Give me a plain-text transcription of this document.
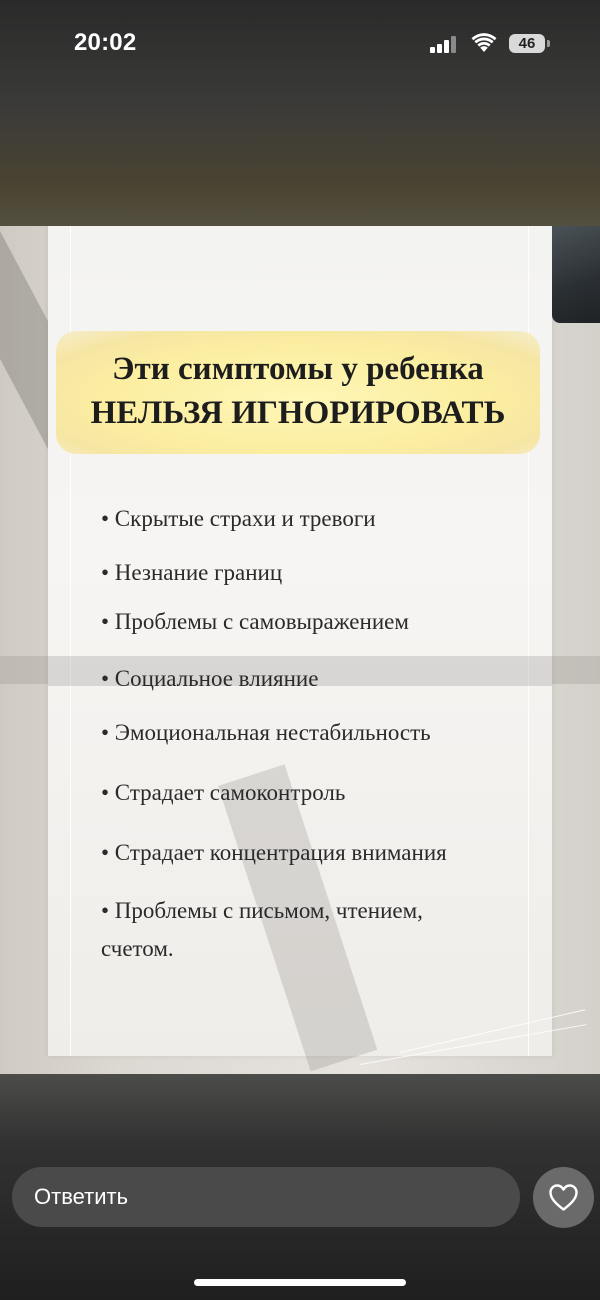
20:02	46
Эти симптомы у ребенка
НЕЛЬЗЯ ИГНОРИРОВАТЬ
• Скрытые страхи и тревоги
• Незнание границ
• Проблемы с самовыражением
• Социальное влияние
• Эмоциональная нестабильность
• Страдает самоконтроль
• Страдает концентрация внимания
• Проблемы с письмом, чтением,
счетом.
Ответить
